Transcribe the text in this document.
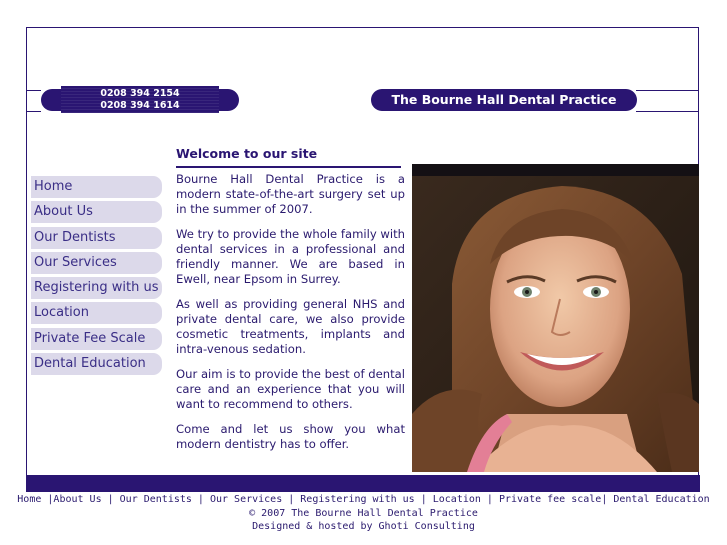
0208 394 2154
0208 394 1614	The Bourne Hall Dental Practice
Home
About Us
Our Dentists
Our Services
Registering with us
Location
Private Fee Scale
Dental Education
Welcome to our site

Bourne Hall Dental Practice is a modern state-of-the-art surgery set up in the summer of 2007.

We try to provide the whole family with dental services in a professional and friendly manner. We are based in Ewell, near Epsom in Surrey.

As well as providing general NHS and private dental care, we also provide cosmetic treatments, implants and intra-venous sedation.

Our aim is to provide the best of dental care and an experience that you will want to recommend to others.

Come and let us show you what modern dentistry has to offer.

Home |About Us | Our Dentists | Our Services | Registering with us | Location | Private fee scale| Dental Education
© 2007 The Bourne Hall Dental Practice
Designed & hosted by Ghoti Consulting
